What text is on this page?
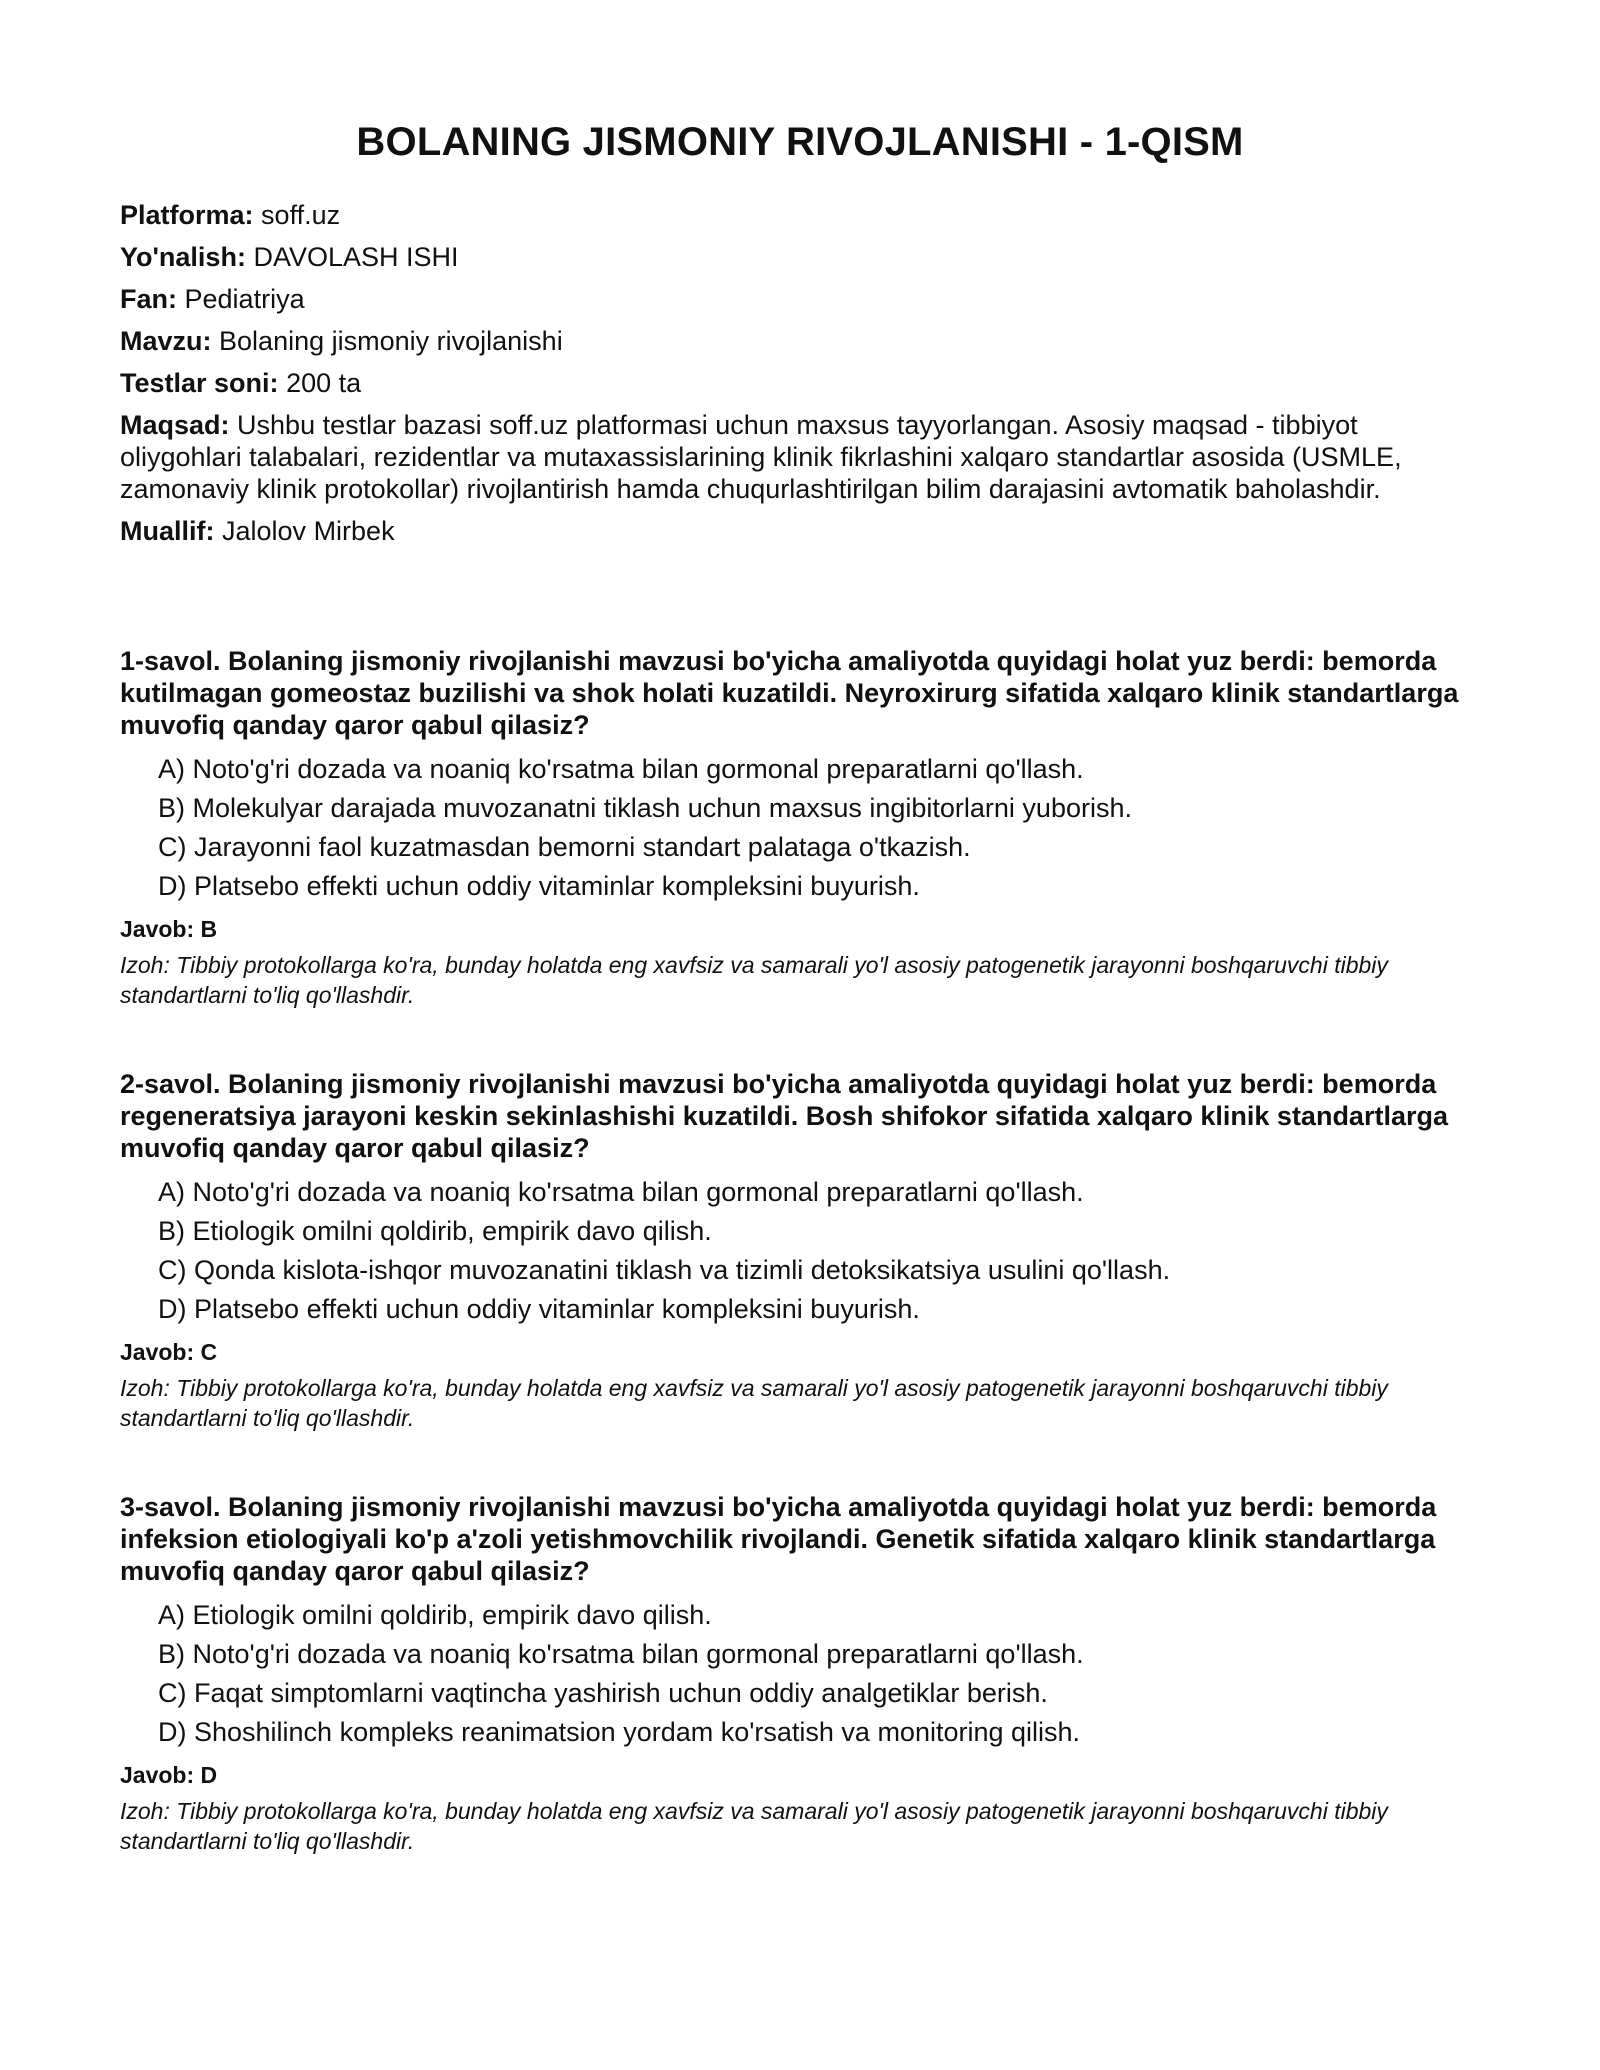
BOLANING JISMONIY RIVOJLANISHI - 1-QISM

Platforma: soff.uz

Yo'nalish: DAVOLASH ISHI

Fan: Pediatriya

Mavzu: Bolaning jismoniy rivojlanishi

Testlar soni: 200 ta

Maqsad: Ushbu testlar bazasi soff.uz platformasi uchun maxsus tayyorlangan. Asosiy maqsad - tibbiyot oliygohlari talabalari, rezidentlar va mutaxassislarining klinik fikrlashini xalqaro standartlar asosida (USMLE, zamonaviy klinik protokollar) rivojlantirish hamda chuqurlashtirilgan bilim darajasini avtomatik baholashdir.

Muallif: Jalolov Mirbek

1-savol. Bolaning jismoniy rivojlanishi mavzusi bo'yicha amaliyotda quyidagi holat yuz berdi: bemorda kutilmagan gomeostaz buzilishi va shok holati kuzatildi. Neyroxirurg sifatida xalqaro klinik standartlarga muvofiq qanday qaror qabul qilasiz?

A) Noto'g'ri dozada va noaniq ko'rsatma bilan gormonal preparatlarni qo'llash.
B) Molekulyar darajada muvozanatni tiklash uchun maxsus ingibitorlarni yuborish.
C) Jarayonni faol kuzatmasdan bemorni standart palataga o'tkazish.
D) Platsebo effekti uchun oddiy vitaminlar kompleksini buyurish.

Javob: B

Izoh: Tibbiy protokollarga ko'ra, bunday holatda eng xavfsiz va samarali yo'l asosiy patogenetik jarayonni boshqaruvchi tibbiy standartlarni to'liq qo'llashdir.

2-savol. Bolaning jismoniy rivojlanishi mavzusi bo'yicha amaliyotda quyidagi holat yuz berdi: bemorda regeneratsiya jarayoni keskin sekinlashishi kuzatildi. Bosh shifokor sifatida xalqaro klinik standartlarga muvofiq qanday qaror qabul qilasiz?

A) Noto'g'ri dozada va noaniq ko'rsatma bilan gormonal preparatlarni qo'llash.
B) Etiologik omilni qoldirib, empirik davo qilish.
C) Qonda kislota-ishqor muvozanatini tiklash va tizimli detoksikatsiya usulini qo'llash.
D) Platsebo effekti uchun oddiy vitaminlar kompleksini buyurish.

Javob: C

Izoh: Tibbiy protokollarga ko'ra, bunday holatda eng xavfsiz va samarali yo'l asosiy patogenetik jarayonni boshqaruvchi tibbiy standartlarni to'liq qo'llashdir.

3-savol. Bolaning jismoniy rivojlanishi mavzusi bo'yicha amaliyotda quyidagi holat yuz berdi: bemorda infeksion etiologiyali ko'p a'zoli yetishmovchilik rivojlandi. Genetik sifatida xalqaro klinik standartlarga muvofiq qanday qaror qabul qilasiz?

A) Etiologik omilni qoldirib, empirik davo qilish.
B) Noto'g'ri dozada va noaniq ko'rsatma bilan gormonal preparatlarni qo'llash.
C) Faqat simptomlarni vaqtincha yashirish uchun oddiy analgetiklar berish.
D) Shoshilinch kompleks reanimatsion yordam ko'rsatish va monitoring qilish.

Javob: D

Izoh: Tibbiy protokollarga ko'ra, bunday holatda eng xavfsiz va samarali yo'l asosiy patogenetik jarayonni boshqaruvchi tibbiy standartlarni to'liq qo'llashdir.
